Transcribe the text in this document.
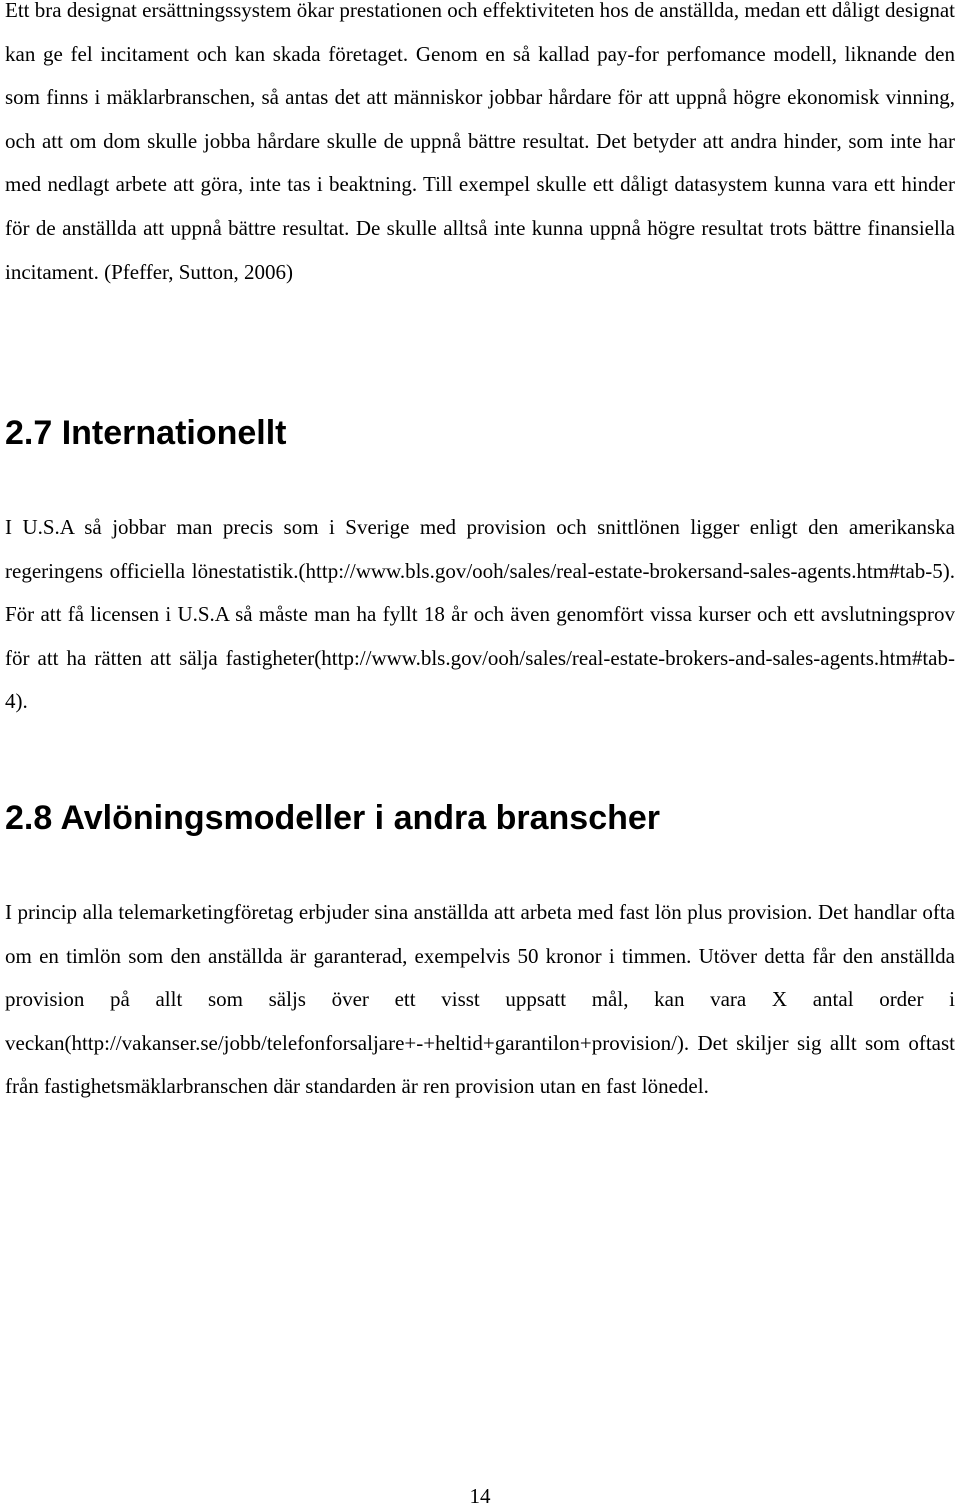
Ett bra designat ersättningssystem ökar prestationen och effektiviteten hos de anställda, medan ett dåligt designat kan ge fel incitament och kan skada företaget. Genom en så kallad pay-for perfomance modell, liknande den som finns i mäklarbranschen, så antas det att människor jobbar hårdare för att uppnå högre ekonomisk vinning, och att om dom skulle jobba hårdare skulle de uppnå bättre resultat. Det betyder att andra hinder, som inte har med nedlagt arbete att göra, inte tas i beaktning. Till exempel skulle ett dåligt datasystem kunna vara ett hinder för de anställda att uppnå bättre resultat. De skulle alltså inte kunna uppnå högre resultat trots bättre finansiella incitament. (Pfeffer, Sutton, 2006)

2.7 Internationellt

I U.S.A så jobbar man precis som i Sverige med provision och snittlönen ligger enligt den amerikanska regeringens officiella lönestatistik.(http://www.bls.gov/ooh/sales/real-estate-brokersand-sales-agents.htm#tab-5). För att få licensen i U.S.A så måste man ha fyllt 18 år och även genomfört vissa kurser och ett avslutningsprov för att ha rätten att sälja fastigheter(http://www.bls.gov/ooh/sales/real-estate-brokers-and-sales-agents.htm#tab-4).

2.8 Avlöningsmodeller i andra branscher

I princip alla telemarketingföretag erbjuder sina anställda att arbeta med fast lön plus provision. Det handlar ofta om en timlön som den anställda är garanterad, exempelvis 50 kronor i timmen. Utöver detta får den anställda provision på allt som säljs över ett visst uppsatt mål, kan vara X antal order i veckan(http://vakanser.se/jobb/telefonforsaljare+-+heltid+garantilon+provision/). Det skiljer sig allt som oftast från fastighetsmäklarbranschen där standarden är ren provision utan en fast lönedel.

14
